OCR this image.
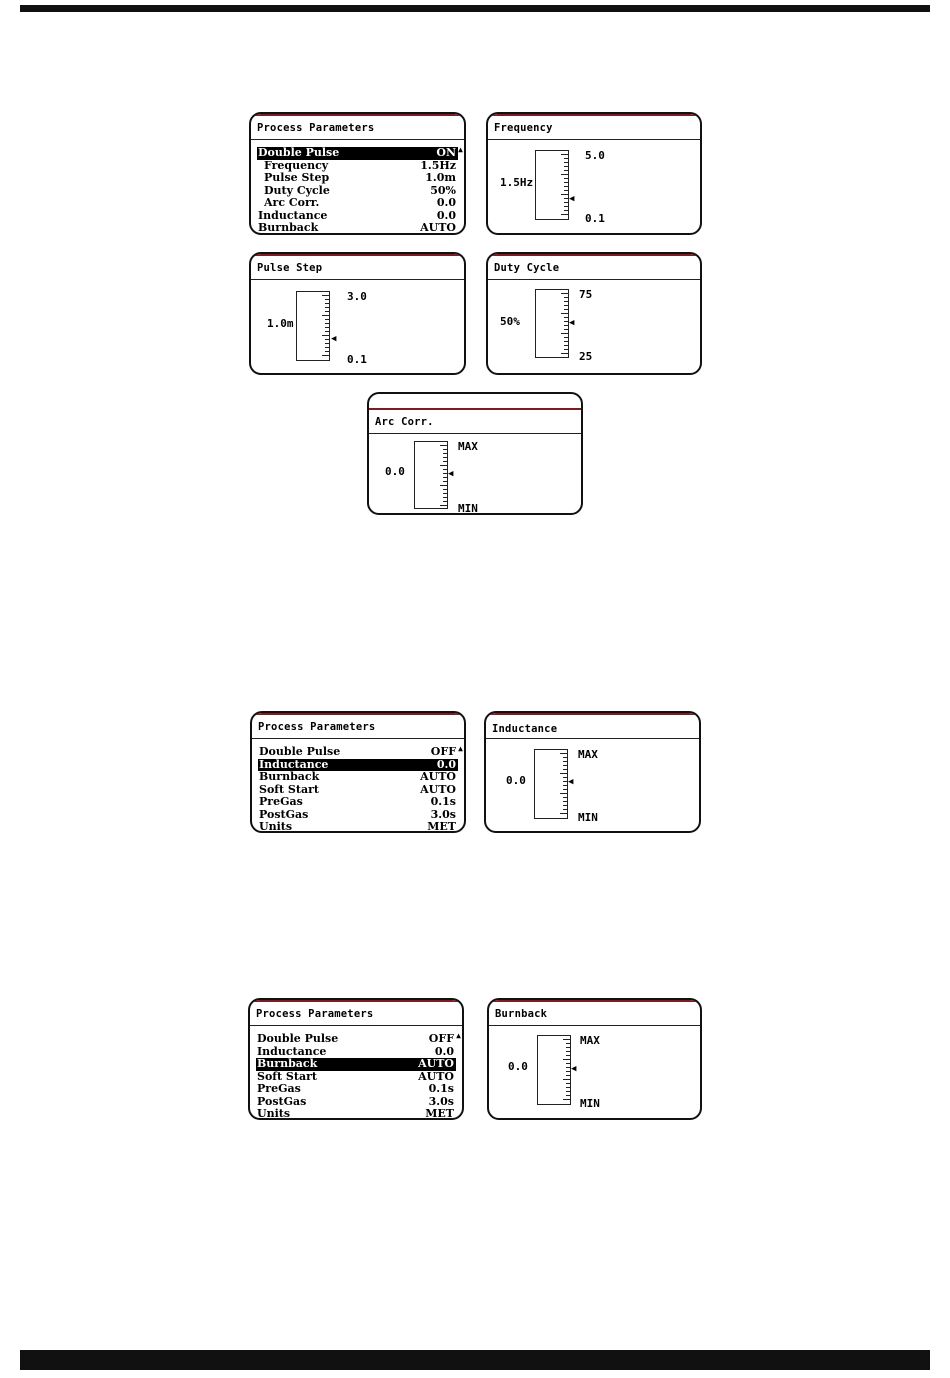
Process Parameters
Double Pulse	ON
Frequency	1.5Hz
Pulse Step	1.0m
Duty Cycle	50%
Arc Corr.	0.0
Inductance	0.0
Burnback	AUTO
▲
Frequency
1.5Hz
◀
5.0
0.1
Pulse Step
1.0m
◀
3.0
0.1
Duty Cycle
50%	◀
75
25
Arc Corr.
0.0	◀
MAX
MIN
Process Parameters
Double Pulse	OFF
Inductance	0.0
Burnback	AUTO
Soft Start	AUTO
PreGas	0.1s
PostGas	3.0s
Units	MET
▲
Inductance
0.0	◀
MAX
MIN
Process Parameters
Double Pulse	OFF
Inductance	0.0
Burnback	AUTO
Soft Start	AUTO
PreGas	0.1s
PostGas	3.0s
Units	MET
▲
Burnback
0.0	◀
MAX
MIN
